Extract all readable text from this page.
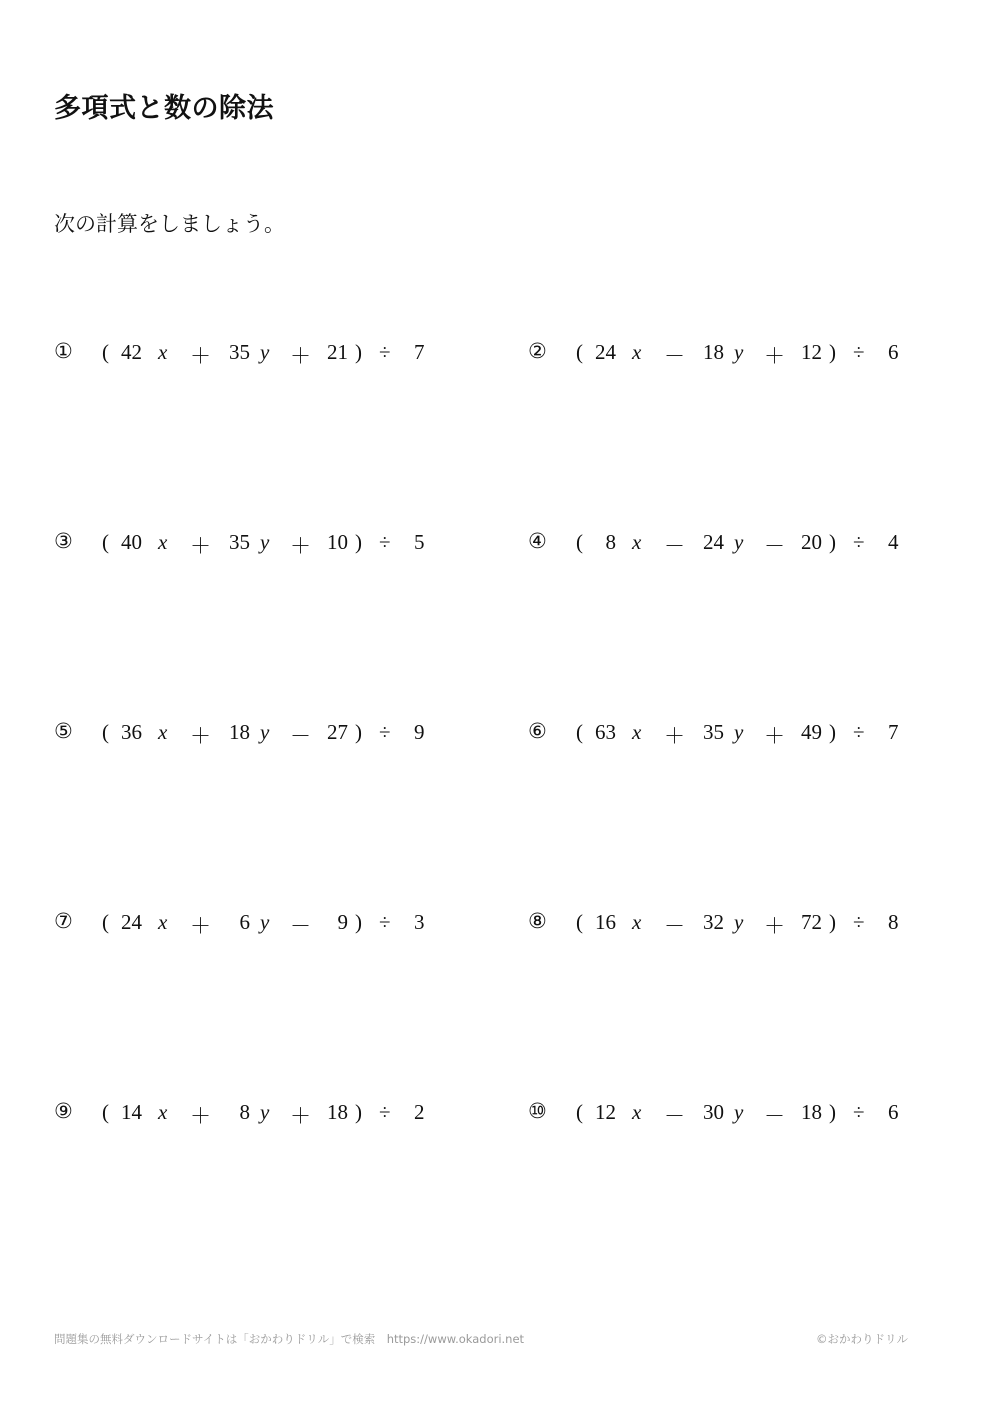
多項式と数の除法
次の計算をしましょう。
① ( 42 x ＋ 35 y ＋ 21 ) ÷ 7	② ( 24 x － 18 y ＋ 12 ) ÷ 6
③ ( 40 x ＋ 35 y ＋ 10 ) ÷ 5	④ (	8 x － 24 y － 20 ) ÷ 4
⑤ ( 36 x ＋ 18 y － 27 ) ÷ 9	⑥ ( 63 x ＋ 35 y ＋ 49 ) ÷ 7
⑦ ( 24 x ＋	6 y －	9 ) ÷ 3	⑧ ( 16 x － 32 y ＋ 72 ) ÷ 8
⑨ ( 14 x ＋	8 y ＋ 18 ) ÷ 2	⑩ ( 12 x － 30 y － 18 ) ÷ 6
問題集の無料ダウンロードサイトは「おかわりドリル」で検索　https://www.okadori.net	©おかわりドリル
